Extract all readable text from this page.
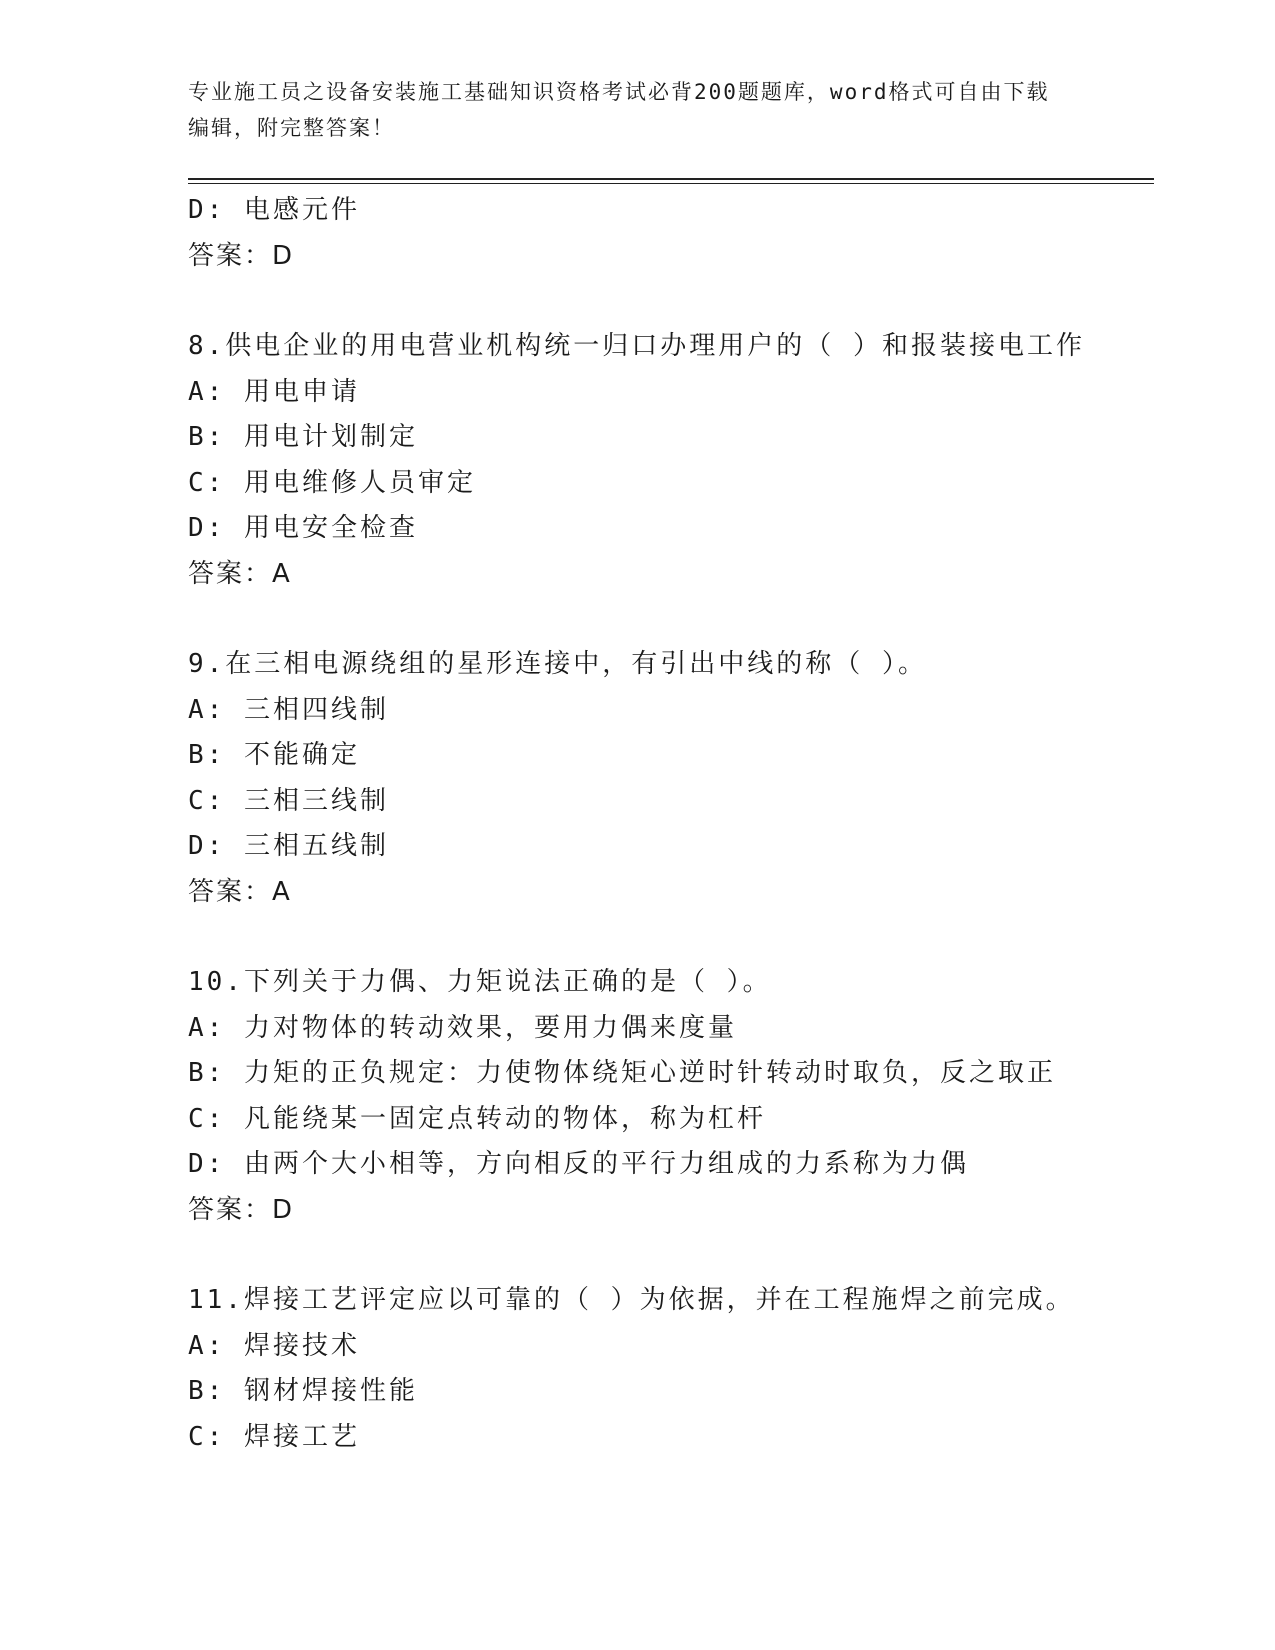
专业施工员之设备安装施工基础知识资格考试必背200题题库，word格式可自由下载编辑，附完整答案！
D: 电感元件
答案：D
8.供电企业的用电营业机构统一归口办理用户的（ ）和报装接电工作
A: 用电申请
B: 用电计划制定
C: 用电维修人员审定
D: 用电安全检查
答案：A
9.在三相电源绕组的星形连接中，有引出中线的称（ ）。
A: 三相四线制
B: 不能确定
C: 三相三线制
D: 三相五线制
答案：A
10.下列关于力偶、力矩说法正确的是（ ）。
A: 力对物体的转动效果，要用力偶来度量
B: 力矩的正负规定：力使物体绕矩心逆时针转动时取负，反之取正
C: 凡能绕某一固定点转动的物体，称为杠杆
D: 由两个大小相等，方向相反的平行力组成的力系称为力偶
答案：D
11.焊接工艺评定应以可靠的（ ）为依据，并在工程施焊之前完成。
A: 焊接技术
B: 钢材焊接性能
C: 焊接工艺
